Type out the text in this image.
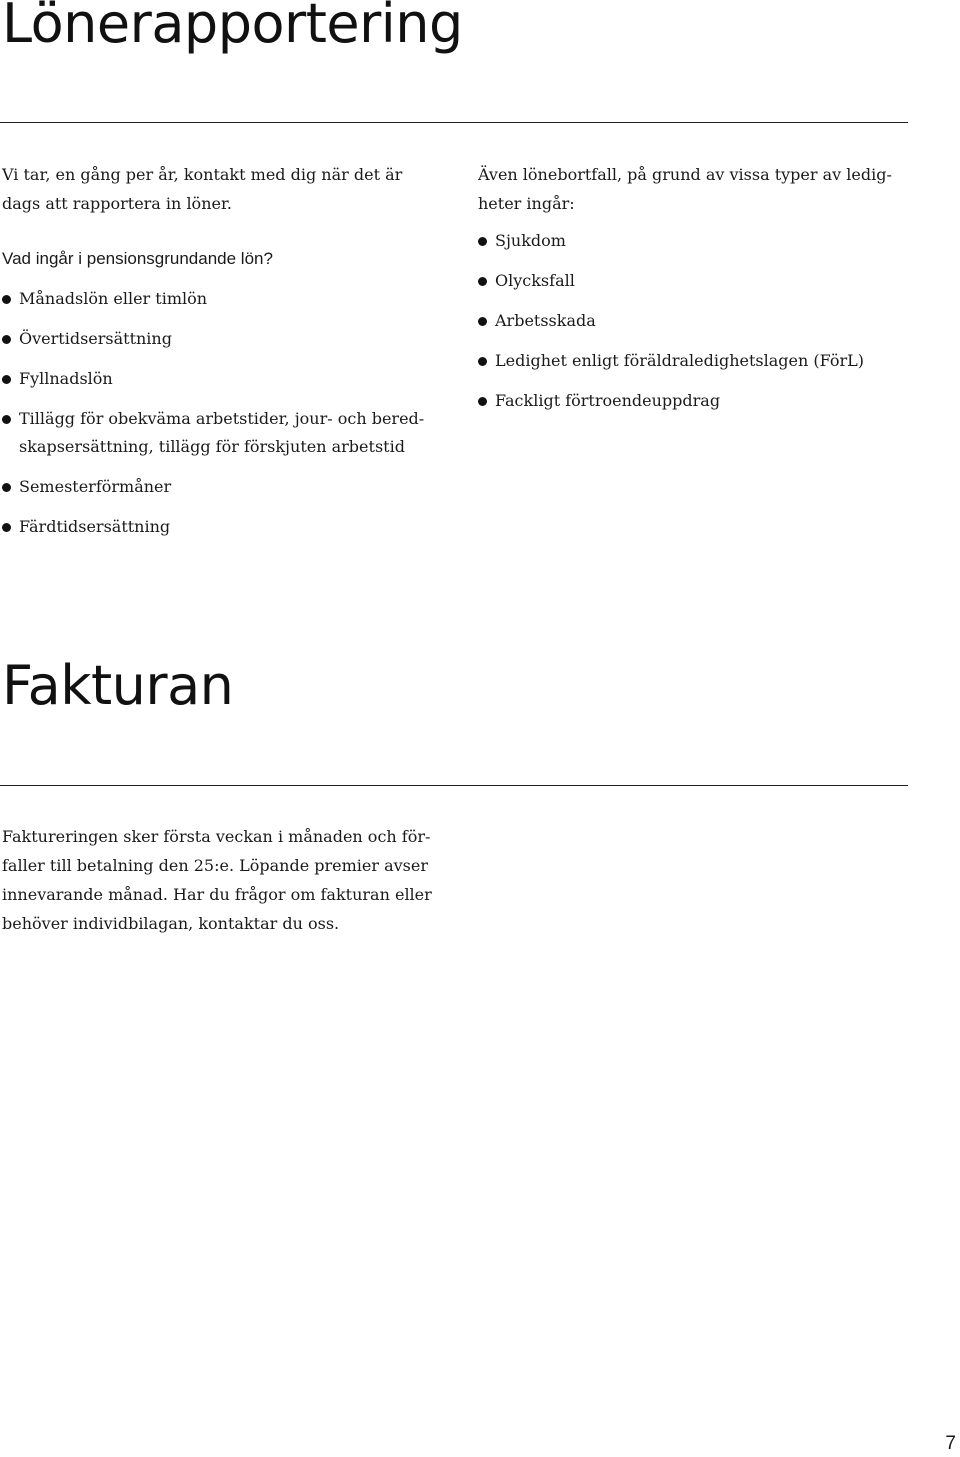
Lönerapportering

Vi tar, en gång per år, kontakt med dig när det är dags att rapportera in löner.

Vad ingår i pensionsgrundande lön?

Månadslön eller timlön
Övertidsersättning
Fyllnadslön
Tillägg för obekväma arbetstider, jour- och bered-skapsersättning, tillägg för förskjuten arbetstid
Semesterförmåner
Färdtidsersättning

Även lönebortfall, på grund av vissa typer av ledig-heter ingår:

Sjukdom
Olycksfall
Arbetsskada
Ledighet enligt föräldraledighetslagen (FörL)
Fackligt förtroendeuppdrag
Fakturan

Faktureringen sker första veckan i månaden och för-faller till betalning den 25:e. Löpande premier avser innevarande månad. Har du frågor om fakturan eller behöver individbilagan, kontaktar du oss.

7
